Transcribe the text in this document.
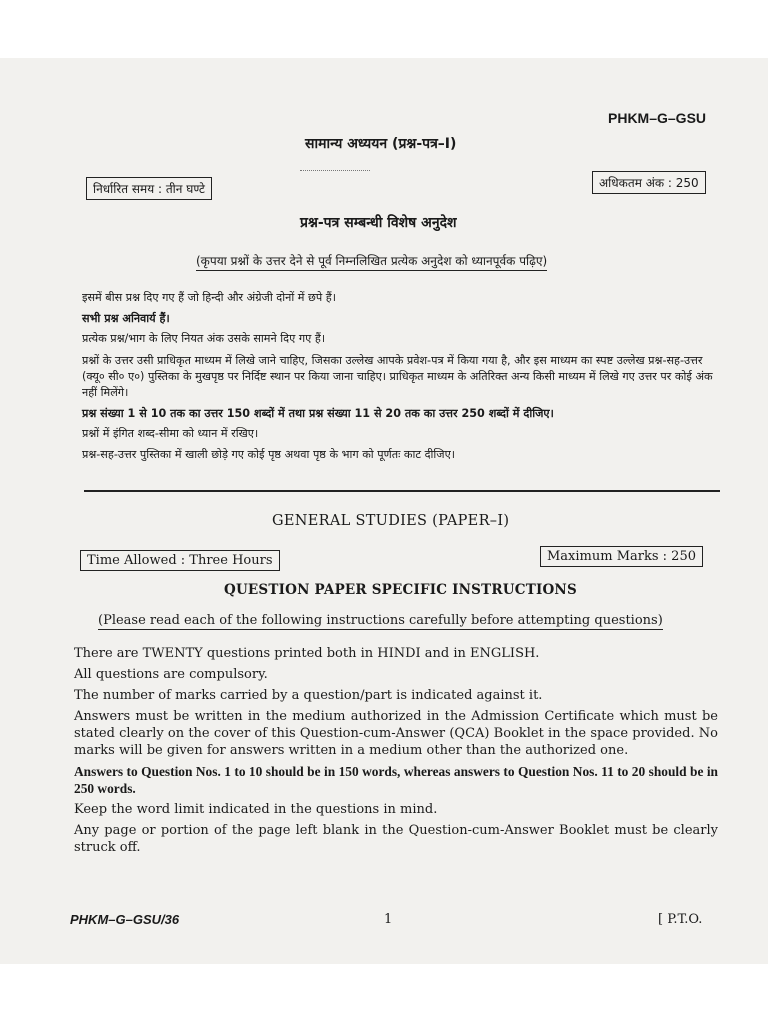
PHKM–G–GSU
सामान्य अध्ययन (प्रश्न-पत्र–I)
निर्धारित समय : तीन घण्टे	अधिकतम अंक : 250
प्रश्न-पत्र सम्बन्धी विशेष अनुदेश
(कृपया प्रश्नों के उत्तर देने से पूर्व निम्नलिखित प्रत्येक अनुदेश को ध्यानपूर्वक पढ़िए)
इसमें बीस प्रश्न दिए गए हैं जो हिन्दी और अंग्रेजी दोनों में छपे हैं।
सभी प्रश्न अनिवार्य हैं।
प्रत्येक प्रश्न/भाग के लिए नियत अंक उसके सामने दिए गए हैं।
प्रश्नों के उत्तर उसी प्राधिकृत माध्यम में लिखे जाने चाहिए, जिसका उल्लेख आपके प्रवेश-पत्र में किया गया है, और इस माध्यम का स्पष्ट उल्लेख प्रश्न-सह-उत्तर (क्यू० सी० ए०) पुस्तिका के मुखपृष्ठ पर निर्दिष्ट स्थान पर किया जाना चाहिए। प्राधिकृत माध्यम के अतिरिक्त अन्य किसी माध्यम में लिखे गए उत्तर पर कोई अंक नहीं मिलेंगे।
प्रश्न संख्या 1 से 10 तक का उत्तर 150 शब्दों में तथा प्रश्न संख्या 11 से 20 तक का उत्तर 250 शब्दों में दीजिए।
प्रश्नों में इंगित शब्द-सीमा को ध्यान में रखिए।
प्रश्न-सह-उत्तर पुस्तिका में खाली छोड़े गए कोई पृष्ठ अथवा पृष्ठ के भाग को पूर्णतः काट दीजिए।
GENERAL STUDIES (PAPER–I)
Time Allowed : Three Hours	Maximum Marks : 250
QUESTION PAPER SPECIFIC INSTRUCTIONS
(Please read each of the following instructions carefully before attempting questions)
There are TWENTY questions printed both in HINDI and in ENGLISH.
All questions are compulsory.
The number of marks carried by a question/part is indicated against it.
Answers must be written in the medium authorized in the Admission Certificate which must be stated clearly on the cover of this Question-cum-Answer (QCA) Booklet in the space provided. No marks will be given for answers written in a medium other than the authorized one.
Answers to Question Nos. 1 to 10 should be in 150 words, whereas answers to Question Nos. 11 to 20 should be in 250 words.
Keep the word limit indicated in the questions in mind.
Any page or portion of the page left blank in the Question-cum-Answer Booklet must be clearly struck off.
PHKM–G–GSU/36	1	[ P.T.O.
